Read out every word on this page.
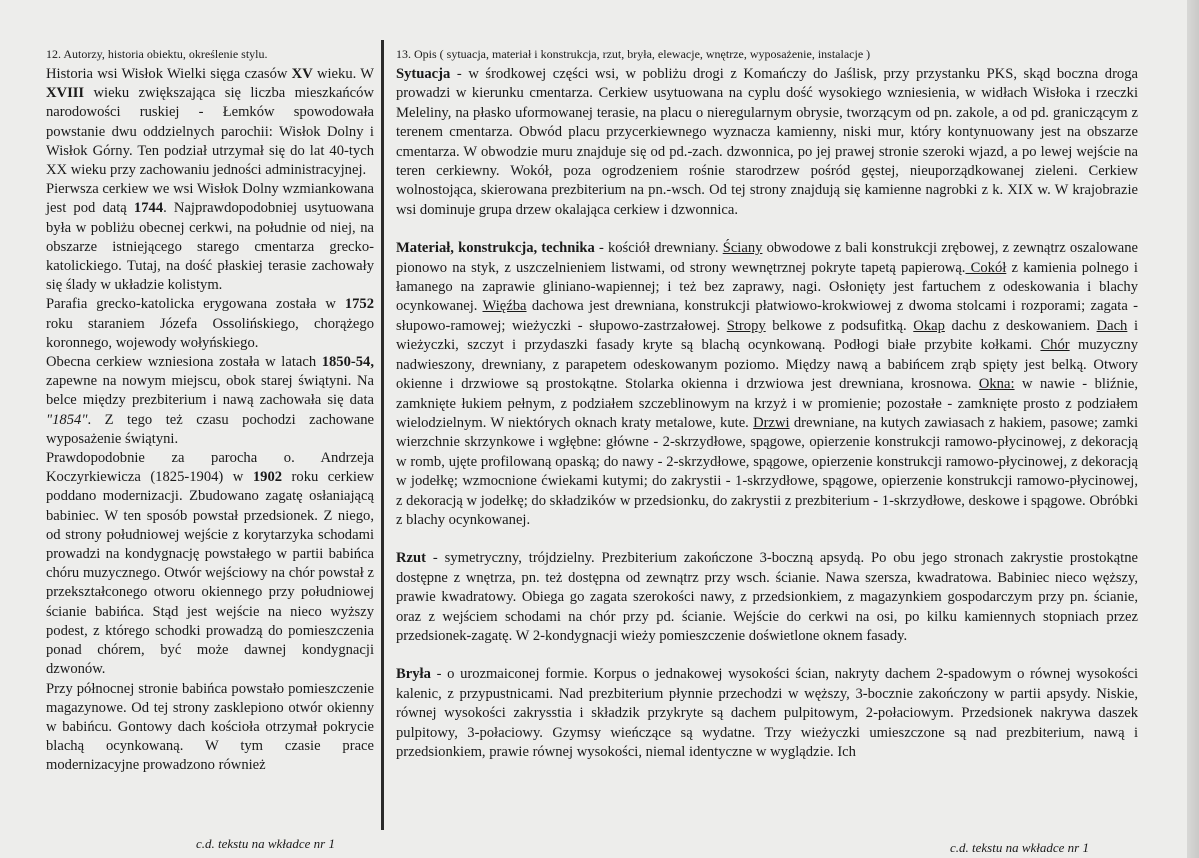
12. Autorzy, historia obiektu, określenie stylu.

Historia wsi Wisłok Wielki sięga czasów XV wieku. W XVIII wieku zwiększająca się liczba mieszkańców narodowości ruskiej - Łemków spowodowała powstanie dwu oddzielnych parochii: Wisłok Dolny i Wisłok Górny. Ten podział utrzymał się do lat 40-tych XX wieku przy zachowaniu jedności administracyjnej.

Pierwsza cerkiew we wsi Wisłok Dolny wzmiankowana jest pod datą 1744. Najprawdopodobniej usytuowana była w pobliżu obecnej cerkwi, na południe od niej, na obszarze istniejącego starego cmentarza grecko-katolickiego. Tutaj, na dość płaskiej terasie zachowały się ślady w układzie kolistym.

Parafia grecko-katolicka erygowana została w 1752 roku staraniem Józefa Ossolińskiego, chorążego koronnego, wojewody wołyńskiego.

Obecna cerkiew wzniesiona została w latach 1850-54, zapewne na nowym miejscu, obok starej świątyni. Na belce między prezbiterium i nawą zachowała się data "1854". Z tego też czasu pochodzi zachowane wyposażenie świątyni.

Prawdopodobnie za parocha o. Andrzeja Koczyrkiewicza (1825-1904) w 1902 roku cerkiew poddano modernizacji. Zbudowano zagatę osłaniającą babiniec. W ten sposób powstał przedsionek. Z niego, od strony południowej wejście z korytarzyka schodami prowadzi na kondygnację powstałego w partii babińca chóru muzycznego. Otwór wejściowy na chór powstał z przekształconego otworu okiennego przy południowej ścianie babińca. Stąd jest wejście na nieco wyższy podest, z którego schodki prowadzą do pomieszczenia ponad chórem, być może dawnej kondygnacji dzwonów.

Przy północnej stronie babińca powstało pomieszczenie magazynowe. Od tej strony zasklepiono otwór okienny w babińcu. Gontowy dach kościoła otrzymał pokrycie blachą ocynkowaną. W tym czasie prace modernizacyjne prowadzono również

13. Opis ( sytuacja, materiał i konstrukcja, rzut, bryła, elewacje, wnętrze, wyposażenie, instalacje )

Sytuacja - w środkowej części wsi, w pobliżu drogi z Komańczy do Jaślisk, przy przystanku PKS, skąd boczna droga prowadzi w kierunku cmentarza. Cerkiew usytuowana na cyplu dość wysokiego wzniesienia, w widłach Wisłoka i rzeczki Meleliny, na płasko uformowanej terasie, na placu o nieregularnym obrysie, tworzącym od pn. zakole, a od pd. graniczącym z terenem cmentarza. Obwód placu przycerkiewnego wyznacza kamienny, niski mur, który kontynuowany jest na obszarze cmentarza. W obwodzie muru znajduje się od pd.-zach. dzwonnica, po jej prawej stronie szeroki wjazd, a po lewej wejście na teren cerkiewny. Wokół, poza ogrodzeniem rośnie starodrzew pośród gęstej, nieuporządkowanej zieleni. Cerkiew wolnostojąca, skierowana prezbiterium na pn.-wsch. Od tej strony znajdują się kamienne nagrobki z k. XIX w. W krajobrazie wsi dominuje grupa drzew okalająca cerkiew i dzwonnica.

Materiał, konstrukcja, technika - kościół drewniany. Ściany obwodowe z bali konstrukcji zrębowej, z zewnątrz oszalowane pionowo na styk, z uszczelnieniem listwami, od strony wewnętrznej pokryte tapetą papierową. Cokół z kamienia polnego i łamanego na zaprawie gliniano-wapiennej; i też bez zaprawy, nagi. Osłonięty jest fartuchem z odeskowania i blachy ocynkowanej. Więźba dachowa jest drewniana, konstrukcji płatwiowo-krokwiowej z dwoma stolcami i rozporami; zagata - słupowo-ramowej; wieżyczki - słupowo-zastrzałowej. Stropy belkowe z podsufitką. Okap dachu z deskowaniem. Dach i wieżyczki, szczyt i przydaszki fasady kryte są blachą ocynkowaną. Podłogi białe przybite kołkami. Chór muzyczny nadwieszony, drewniany, z parapetem odeskowanym poziomo. Między nawą a babińcem zrąb spięty jest belką. Otwory okienne i drzwiowe są prostokątne. Stolarka okienna i drzwiowa jest drewniana, krosnowa. Okna: w nawie - bliźnie, zamknięte łukiem pełnym, z podziałem szczeblinowym na krzyż i w promienie; pozostałe - zamknięte prosto z podziałem wielodzielnym. W niektórych oknach kraty metalowe, kute. Drzwi drewniane, na kutych zawiasach z hakiem, pasowe; zamki wierzchnie skrzynkowe i wgłębne: główne - 2-skrzydłowe, spągowe, opierzenie konstrukcji ramowo-płycinowej, z dekoracją w romb, ujęte profilowaną opaską; do nawy - 2-skrzydłowe, spągowe, opierzenie konstrukcji ramowo-płycinowej, z dekoracją w jodełkę; wzmocnione ćwiekami kutymi; do zakrystii - 1-skrzydłowe, spągowe, opierzenie konstrukcji ramowo-płycinowej, z dekoracją w jodełkę; do składzików w przedsionku, do zakrystii z prezbiterium - 1-skrzydłowe, deskowe i spągowe. Obróbki z blachy ocynkowanej.

Rzut - symetryczny, trójdzielny. Prezbiterium zakończone 3-boczną apsydą. Po obu jego stronach zakrystie prostokątne dostępne z wnętrza, pn. też dostępna od zewnątrz przy wsch. ścianie. Nawa szersza, kwadratowa. Babiniec nieco węższy, prawie kwadratowy. Obiega go zagata szerokości nawy, z przedsionkiem, z magazynkiem gospodarczym przy pn. ścianie, oraz z wejściem schodami na chór przy pd. ścianie. Wejście do cerkwi na osi, po kilku kamiennych stopniach przez przedsionek-zagatę. W 2-kondygnacji wieży pomieszczenie doświetlone oknem fasady.

Bryła - o urozmaiconej formie. Korpus o jednakowej wysokości ścian, nakryty dachem 2-spadowym o równej wysokości kalenic, z przypustnicami. Nad prezbiterium płynnie przechodzi w węższy, 3-bocznie zakończony w partii apsydy. Niskie, równej wysokości zakrysstia i składzik przykryte są dachem pulpitowym, 2-połaciowym. Przedsionek nakrywa daszek pulpitowy, 3-połaciowy. Gzymsy wieńczące są wydatne. Trzy wieżyczki umieszczone są nad prezbiterium, nawą i przedsionkiem, prawie równej wysokości, niemal identyczne w wyglądzie. Ich

c.d. tekstu na wkładce nr 1	c.d. tekstu na wkładce nr 1
